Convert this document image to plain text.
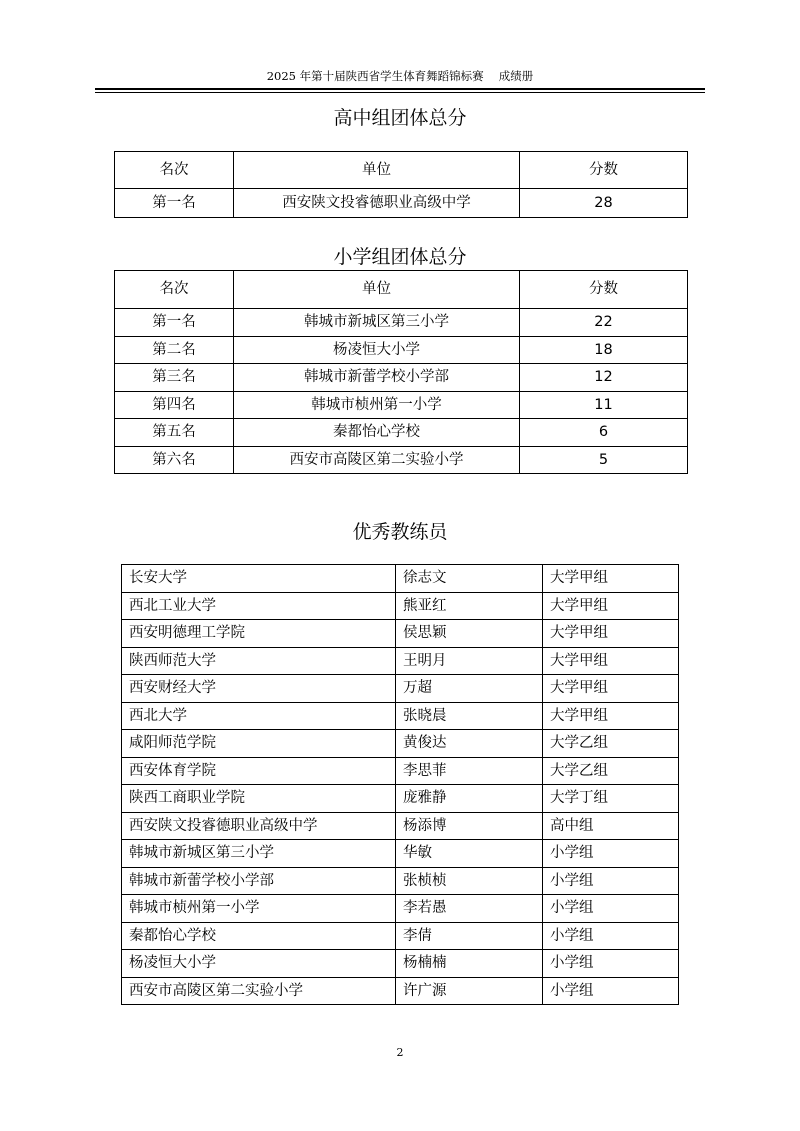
2025 年第十届陕西省学生体育舞蹈锦标赛　 成绩册
高中组团体总分
名次	单位	分数
第一名	西安陕文投睿德职业高级中学	28
小学组团体总分
名次	单位	分数
第一名	韩城市新城区第三小学	22
第二名	杨凌恒大小学	18
第三名	韩城市新蕾学校小学部	12
第四名	韩城市桢州第一小学	11
第五名	秦都怡心学校	6
第六名	西安市高陵区第二实验小学	5
优秀教练员
长安大学	徐志文	大学甲组
西北工业大学	熊亚红	大学甲组
西安明德理工学院	侯思颖	大学甲组
陕西师范大学	王明月	大学甲组
西安财经大学	万超	大学甲组
西北大学	张晓晨	大学甲组
咸阳师范学院	黄俊达	大学乙组
西安体育学院	李思菲	大学乙组
陕西工商职业学院	庞雅静	大学丁组
西安陕文投睿德职业高级中学	杨添博	高中组
韩城市新城区第三小学	华敏	小学组
韩城市新蕾学校小学部	张桢桢	小学组
韩城市桢州第一小学	李若愚	小学组
秦都怡心学校	李倩	小学组
杨凌恒大小学	杨楠楠	小学组
西安市高陵区第二实验小学	许广源	小学组
2
